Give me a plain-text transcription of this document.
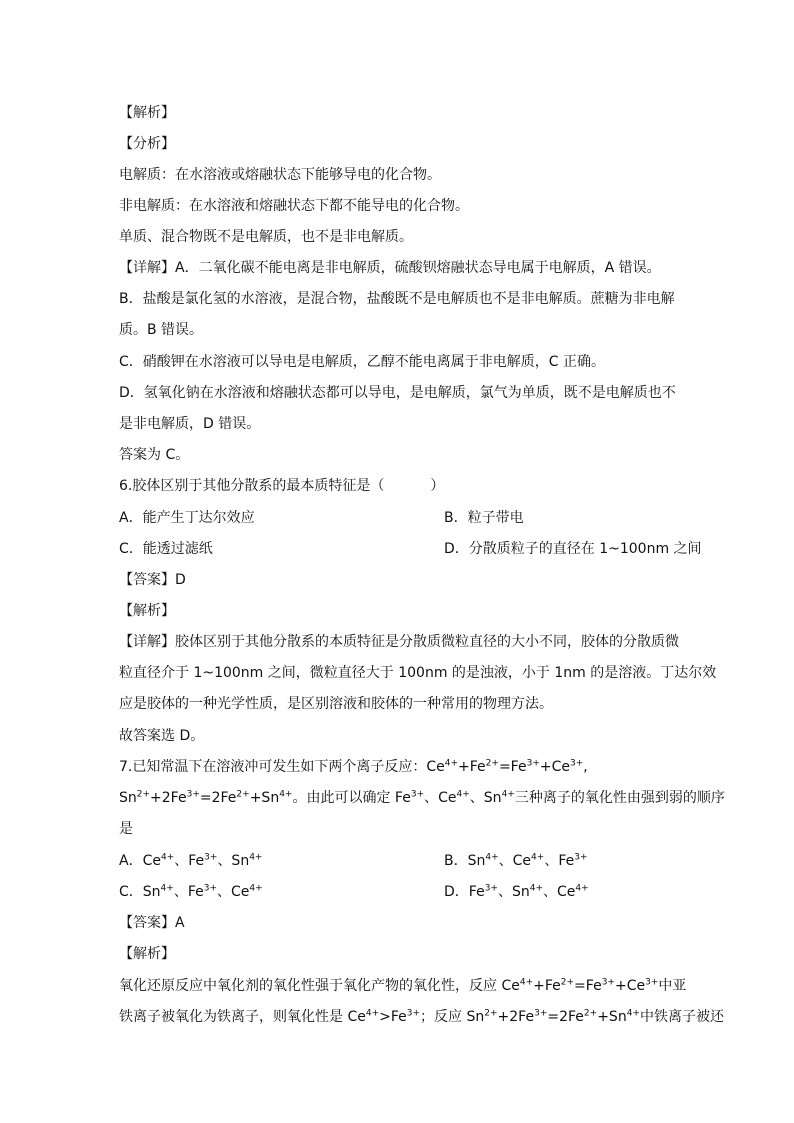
【解析】
【分析】
电解质：在水溶液或熔融状态下能够导电的化合物。
非电解质：在水溶液和熔融状态下都不能导电的化合物。
单质、混合物既不是电解质，也不是非电解质。
【详解】A．二氧化碳不能电离是非电解质，硫酸钡熔融状态导电属于电解质，A 错误。
B．盐酸是氯化氢的水溶液，是混合物，盐酸既不是电解质也不是非电解质。蔗糖为非电解
质。B 错误。
C．硝酸钾在水溶液可以导电是电解质，乙醇不能电离属于非电解质，C 正确。
D．氢氧化钠在水溶液和熔融状态都可以导电，是电解质，氯气为单质，既不是电解质也不
是非电解质，D 错误。
答案为 C。
6.胶体区别于其他分散系的最本质特征是（	）
A．能产生丁达尔效应	B．粒子带电
C．能透过滤纸	D．分散质粒子的直径在 1~100nm 之间
【答案】D
【解析】
【详解】胶体区别于其他分散系的本质特征是分散质微粒直径的大小不同，胶体的分散质微
粒直径介于 1~100nm 之间，微粒直径大于 100nm 的是浊液，小于 1nm 的是溶液。丁达尔效
应是胶体的一种光学性质，是区别溶液和胶体的一种常用的物理方法。
故答案选 D。
7.已知常温下在溶液冲可发生如下两个离子反应：$Ce^{4+}+Fe^{2+}=Fe^{3+}+Ce^{3+}$,
$Sn^{2+}+2Fe^{3+}=2Fe^{2+}+Sn^{4+}$。由此可以确定 $Fe^{3+}$、$Ce^{4+}$、$Sn^{4+}$三种离子的氧化性由强到弱的顺序
是
A．$Ce^{4+}$、$Fe^{3+}$、$Sn^{4+}$	B．$Sn^{4+}$、$Ce^{4+}$、$Fe^{3+}$
C．$Sn^{4+}$、$Fe^{3+}$、$Ce^{4+}$	D．$Fe^{3+}$、$Sn^{4+}$、$Ce^{4+}$
【答案】A
【解析】
氧化还原反应中氧化剂的氧化性强于氧化产物的氧化性，反应 $Ce^{4+}+Fe^{2+}=Fe^{3+}+Ce^{3+}$中亚
铁离子被氧化为铁离子，则氧化性是 $Ce^{4+}>Fe^{3+}$；反应 $Sn^{2+}+2Fe^{3+}=2Fe^{2+}+Sn^{4+}$中铁离子被还
